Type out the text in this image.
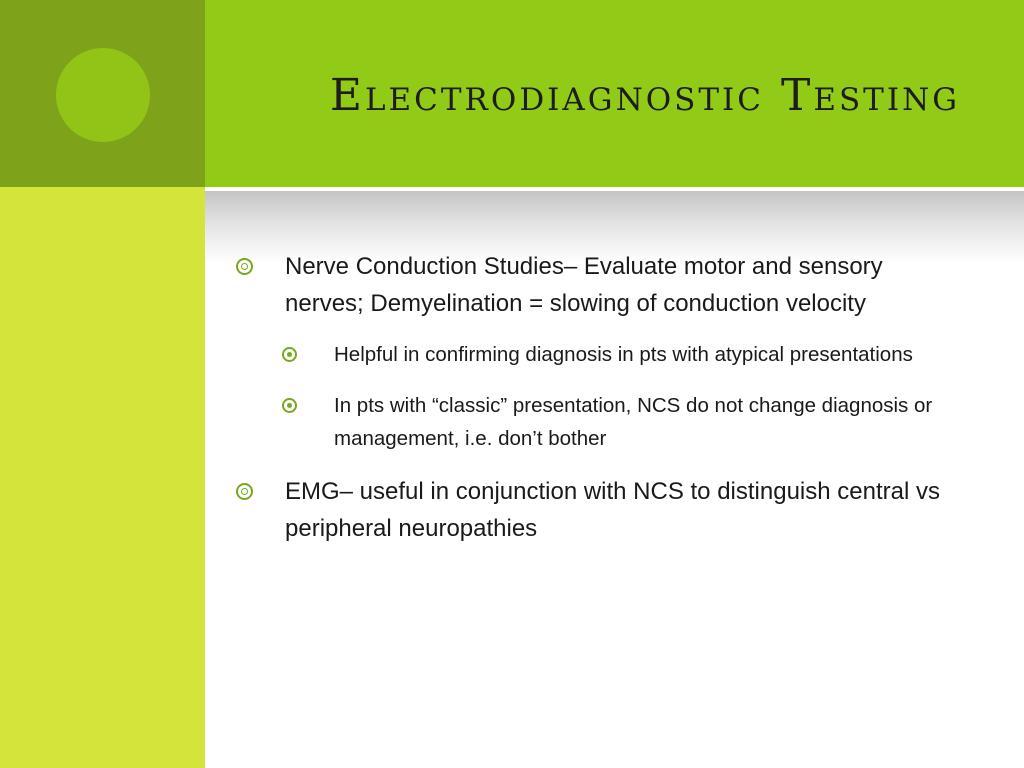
Electrodiagnostic Testing
Nerve Conduction Studies– Evaluate motor and sensory nerves; Demyelination = slowing of conduction velocity
Helpful in confirming diagnosis in pts with atypical presentations
In pts with “classic” presentation, NCS do not change diagnosis or management, i.e. don’t bother
EMG– useful in conjunction with NCS to distinguish central vs peripheral neuropathies
